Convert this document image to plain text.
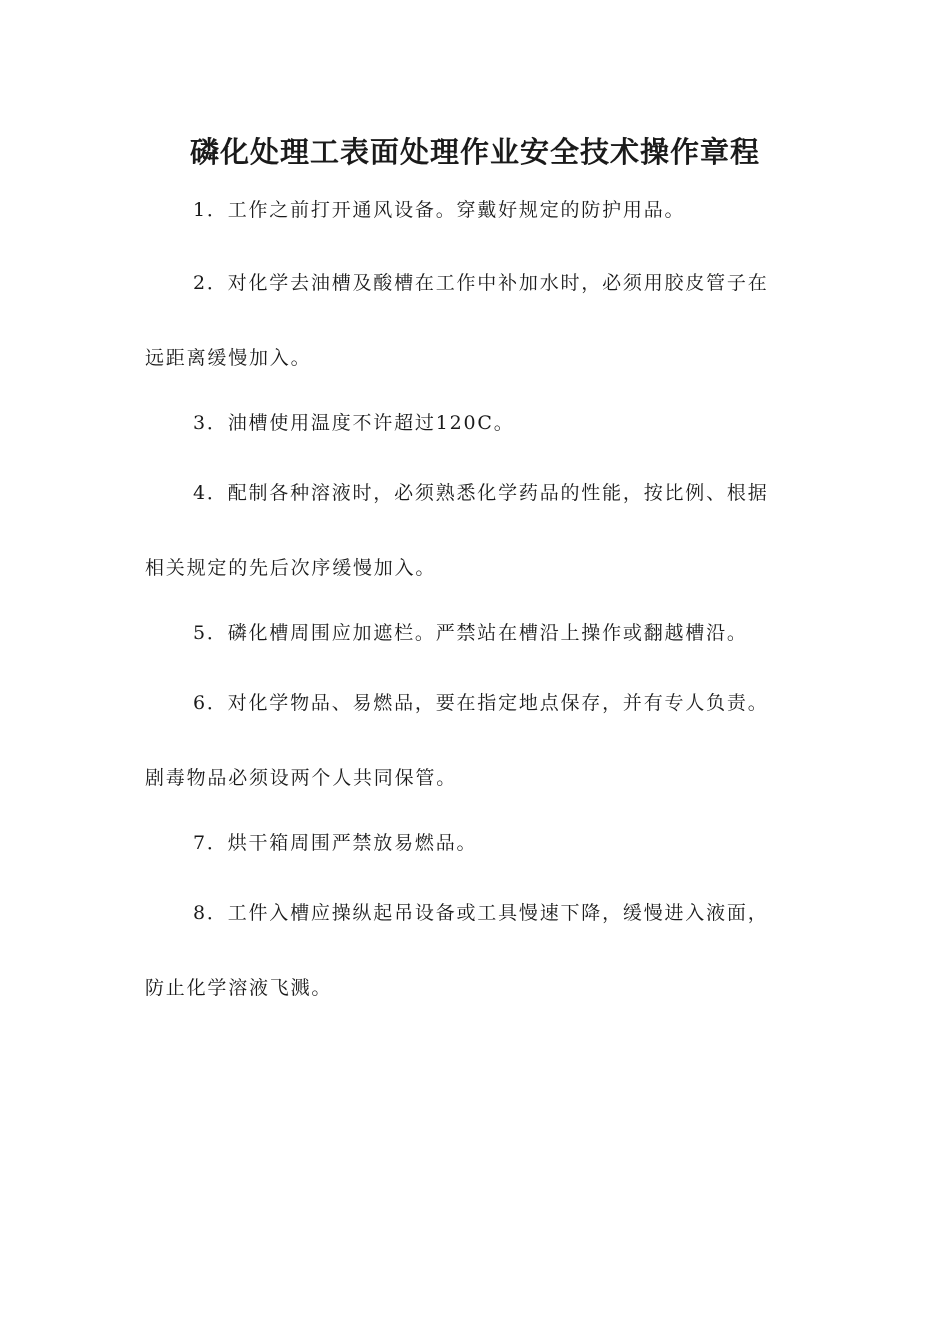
磷化处理工表面处理作业安全技术操作章程

1．工作之前打开通风设备。穿戴好规定的防护用品。

2．对化学去油槽及酸槽在工作中补加水时，必须用胶皮管子在
远距离缓慢加入。

3．油槽使用温度不许超过120C。

4．配制各种溶液时，必须熟悉化学药品的性能，按比例、根据
相关规定的先后次序缓慢加入。

5．磷化槽周围应加遮栏。严禁站在槽沿上操作或翻越槽沿。

6．对化学物品、易燃品，要在指定地点保存，并有专人负责。
剧毒物品必须设两个人共同保管。

7．烘干箱周围严禁放易燃品。

8．工件入槽应操纵起吊设备或工具慢速下降，缓慢进入液面，
防止化学溶液飞溅。
